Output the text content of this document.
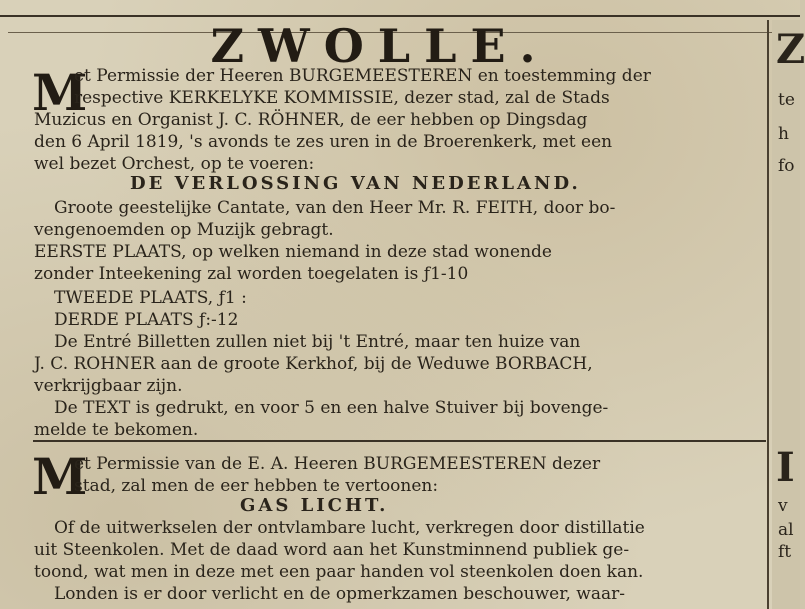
ZWOLLE.
M
et Permissie der Heeren BURGEMEESTEREN en toestemming der
respective KERKELYKE KOMMISSIE, dezer stad, zal de Stads
Muzicus en Organist J. C. RÖHNER, de eer hebben op Dingsdag
den 6 April 1819, 's avonds te zes uren in de Broerenkerk, met een
wel bezet Orchest, op te voeren:
DE VERLOSSING VAN NEDERLAND.
Groote geestelijke Cantate, van den Heer Mr. R. FEITH, door bo-
vengenoemden op Muzijk gebragt.
EERSTE PLAATS, op welken niemand in deze stad wonende
zonder Inteekening zal worden toegelaten is ƒ1-10
TWEEDE PLAATS, ƒ1 :
DERDE PLAATS ƒ:-12
De Entré Billetten zullen niet bij 't Entré, maar ten huize van
J. C. ROHNER aan de groote Kerkhof, bij de Weduwe BORBACH,
verkrijgbaar zijn.
De TEXT is gedrukt, en voor 5 en een halve Stuiver bij bovenge-
melde te bekomen.
M
et Permissie van de E. A. Heeren BURGEMEESTEREN dezer
stad, zal men de eer hebben te vertoonen:
GAS LICHT.
Of de uitwerkselen der ontvlambare lucht, verkregen door distillatie
uit Steenkolen. Met de daad word aan het Kunstminnend publiek ge-
toond, wat men in deze met een paar handen vol steenkolen doen kan.
Londen is er door verlicht en de opmerkzamen beschouwer, waar-
Z
te
h
fo
I
v
al
ft
